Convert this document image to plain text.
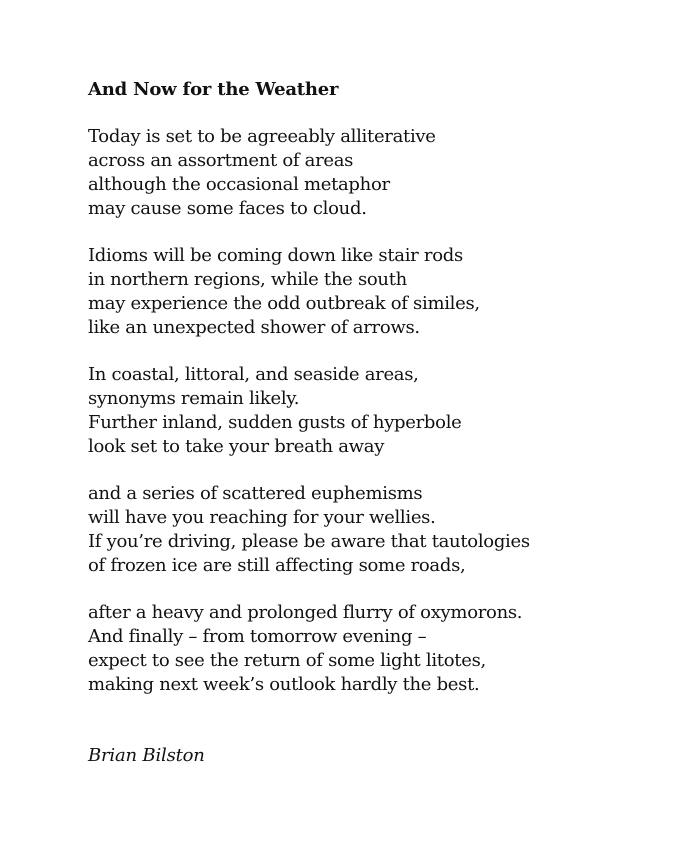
And Now for the Weather
Today is set to be agreeably alliterative
across an assortment of areas
although the occasional metaphor
may cause some faces to cloud.
Idioms will be coming down like stair rods
in northern regions, while the south
may experience the odd outbreak of similes,
like an unexpected shower of arrows.
In coastal, littoral, and seaside areas,
synonyms remain likely.
Further inland, sudden gusts of hyperbole
look set to take your breath away
and a series of scattered euphemisms
will have you reaching for your wellies.
If you’re driving, please be aware that tautologies
of frozen ice are still affecting some roads,
after a heavy and prolonged flurry of oxymorons.
And finally – from tomorrow evening –
expect to see the return of some light litotes,
making next week’s outlook hardly the best.
Brian Bilston
